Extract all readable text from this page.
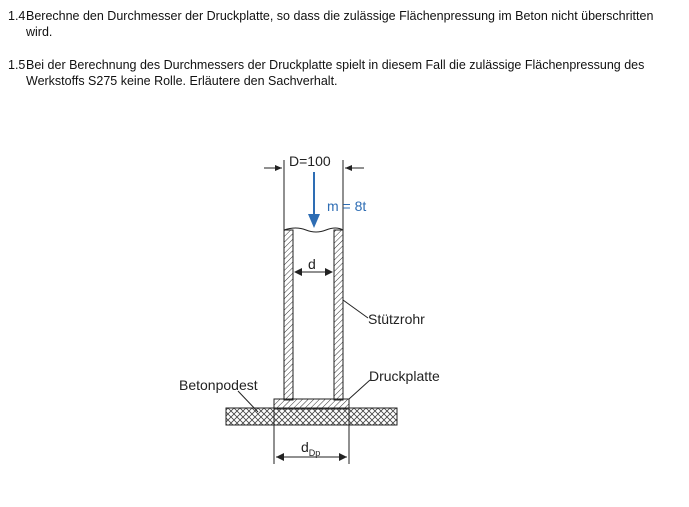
1.4 Berechne den Durchmesser der Druckplatte, so dass die zulässige Flächenpressung im Beton nicht überschritten wird.
1.5 Bei der Berechnung des Durchmessers der Druckplatte spielt in diesem Fall die zulässige Flächenpressung des Werkstoffs S275 keine Rolle. Erläutere den Sachverhalt.
D=100
m = 8t
d
Stützrohr
Druckplatte
Betonpodest
$d_{Dp}$
